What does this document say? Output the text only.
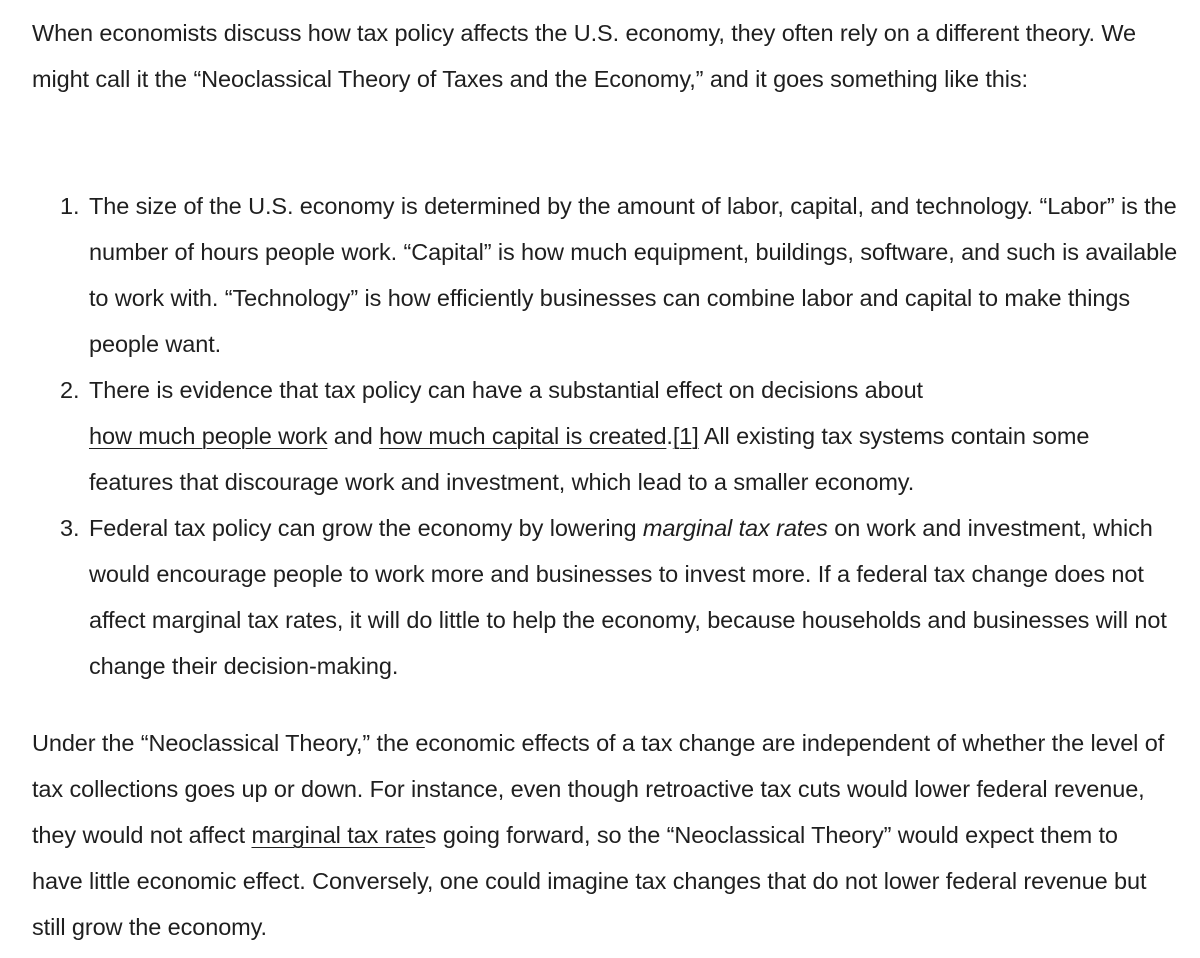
When economists discuss how tax policy affects the U.S. economy, they often rely on a different theory. We might call it the “Neoclassical Theory of Taxes and the Economy,” and it goes something like this:

1. The size of the U.S. economy is determined by the amount of labor, capital, and technology. “Labor” is the number of hours people work. “Capital” is how much equipment, buildings, software, and such is available to work with. “Technology” is how efficiently businesses can combine labor and capital to make things people want.
2. There is evidence that tax policy can have a substantial effect on decisions about
how much people work and how much capital is created.[1] All existing tax systems contain some features that discourage work and investment, which lead to a smaller economy.
3. Federal tax policy can grow the economy by lowering marginal tax rates on work and investment, which would encourage people to work more and businesses to invest more. If a federal tax change does not affect marginal tax rates, it will do little to help the economy, because households and businesses will not change their decision-making.

Under the “Neoclassical Theory,” the economic effects of a tax change are independent of whether the level of tax collections goes up or down. For instance, even though retroactive tax cuts would lower federal revenue, they would not affect marginal tax rates going forward, so the “Neoclassical Theory” would expect them to have little economic effect. Conversely, one could imagine tax changes that do not lower federal revenue but still grow the economy.
